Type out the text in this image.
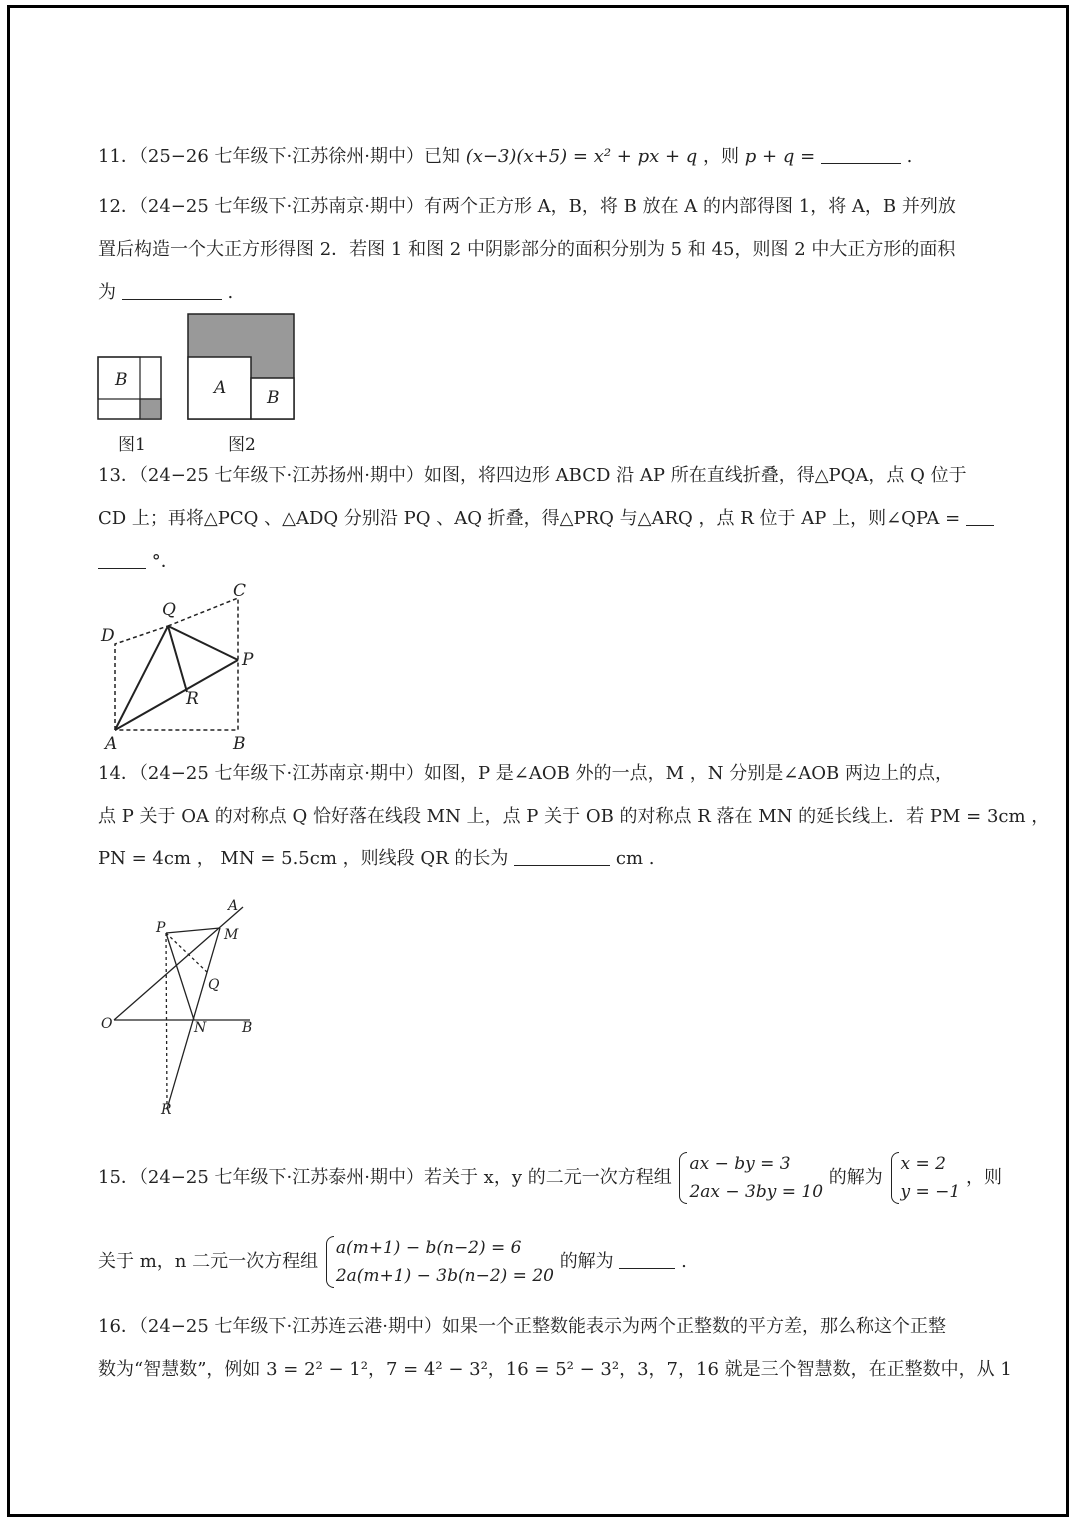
11．（25−26 七年级下·江苏徐州·期中）已知 (x−3)(x+5) = x² + px + q ，则 p + q =	.
12．（24−25 七年级下·江苏南京·期中）有两个正方形 A，B，将 B 放在 A 的内部得图 1，将 A，B 并列放
置后构造一个大正方形得图 2．若图 1 和图 2 中阴影部分的面积分别为 5 和 45，则图 2 中大正方形的面积
为	.
B	A B
图1	图2
13．（24−25 七年级下·江苏扬州·期中）如图，将四边形 ABCD 沿 AP 所在直线折叠，得△PQA，点 Q 位于
CD 上；再将△PCQ 、△ADQ 分别沿 PQ 、AQ 折叠，得△PRQ 与△ARQ ，点 R 位于 AP 上，则∠QPA =
°．
C
Q
D
P
R
A	B
14．（24−25 七年级下·江苏南京·期中）如图，P 是∠AOB 外的一点，M ，N 分别是∠AOB 两边上的点，
点 P 关于 OA 的对称点 Q 恰好落在线段 MN 上，点 P 关于 OB 的对称点 R 落在 MN 的延长线上．若 PM = 3cm ，
PN = 4cm ， MN = 5.5cm ，则线段 QR 的长为	cm .
A
P	M
Q
O	N	B
R
15．（24−25 七年级下·江苏泰州·期中）若关于 x，y 的二元一次方程组
ax − by = 3
2ax − 3by = 10
的解为
x = 2
y = −1
，则
关于 m，n 二元一次方程组
a(m+1) − b(n−2) = 6
2a(m+1) − 3b(n−2) = 20
的解为	.
16．（24−25 七年级下·江苏连云港·期中）如果一个正整数能表示为两个正整数的平方差，那么称这个正整
数为“智慧数”，例如 3 = 2² − 1²，7 = 4² − 3²，16 = 5² − 3²，3，7，16 就是三个智慧数，在正整数中，从 1
